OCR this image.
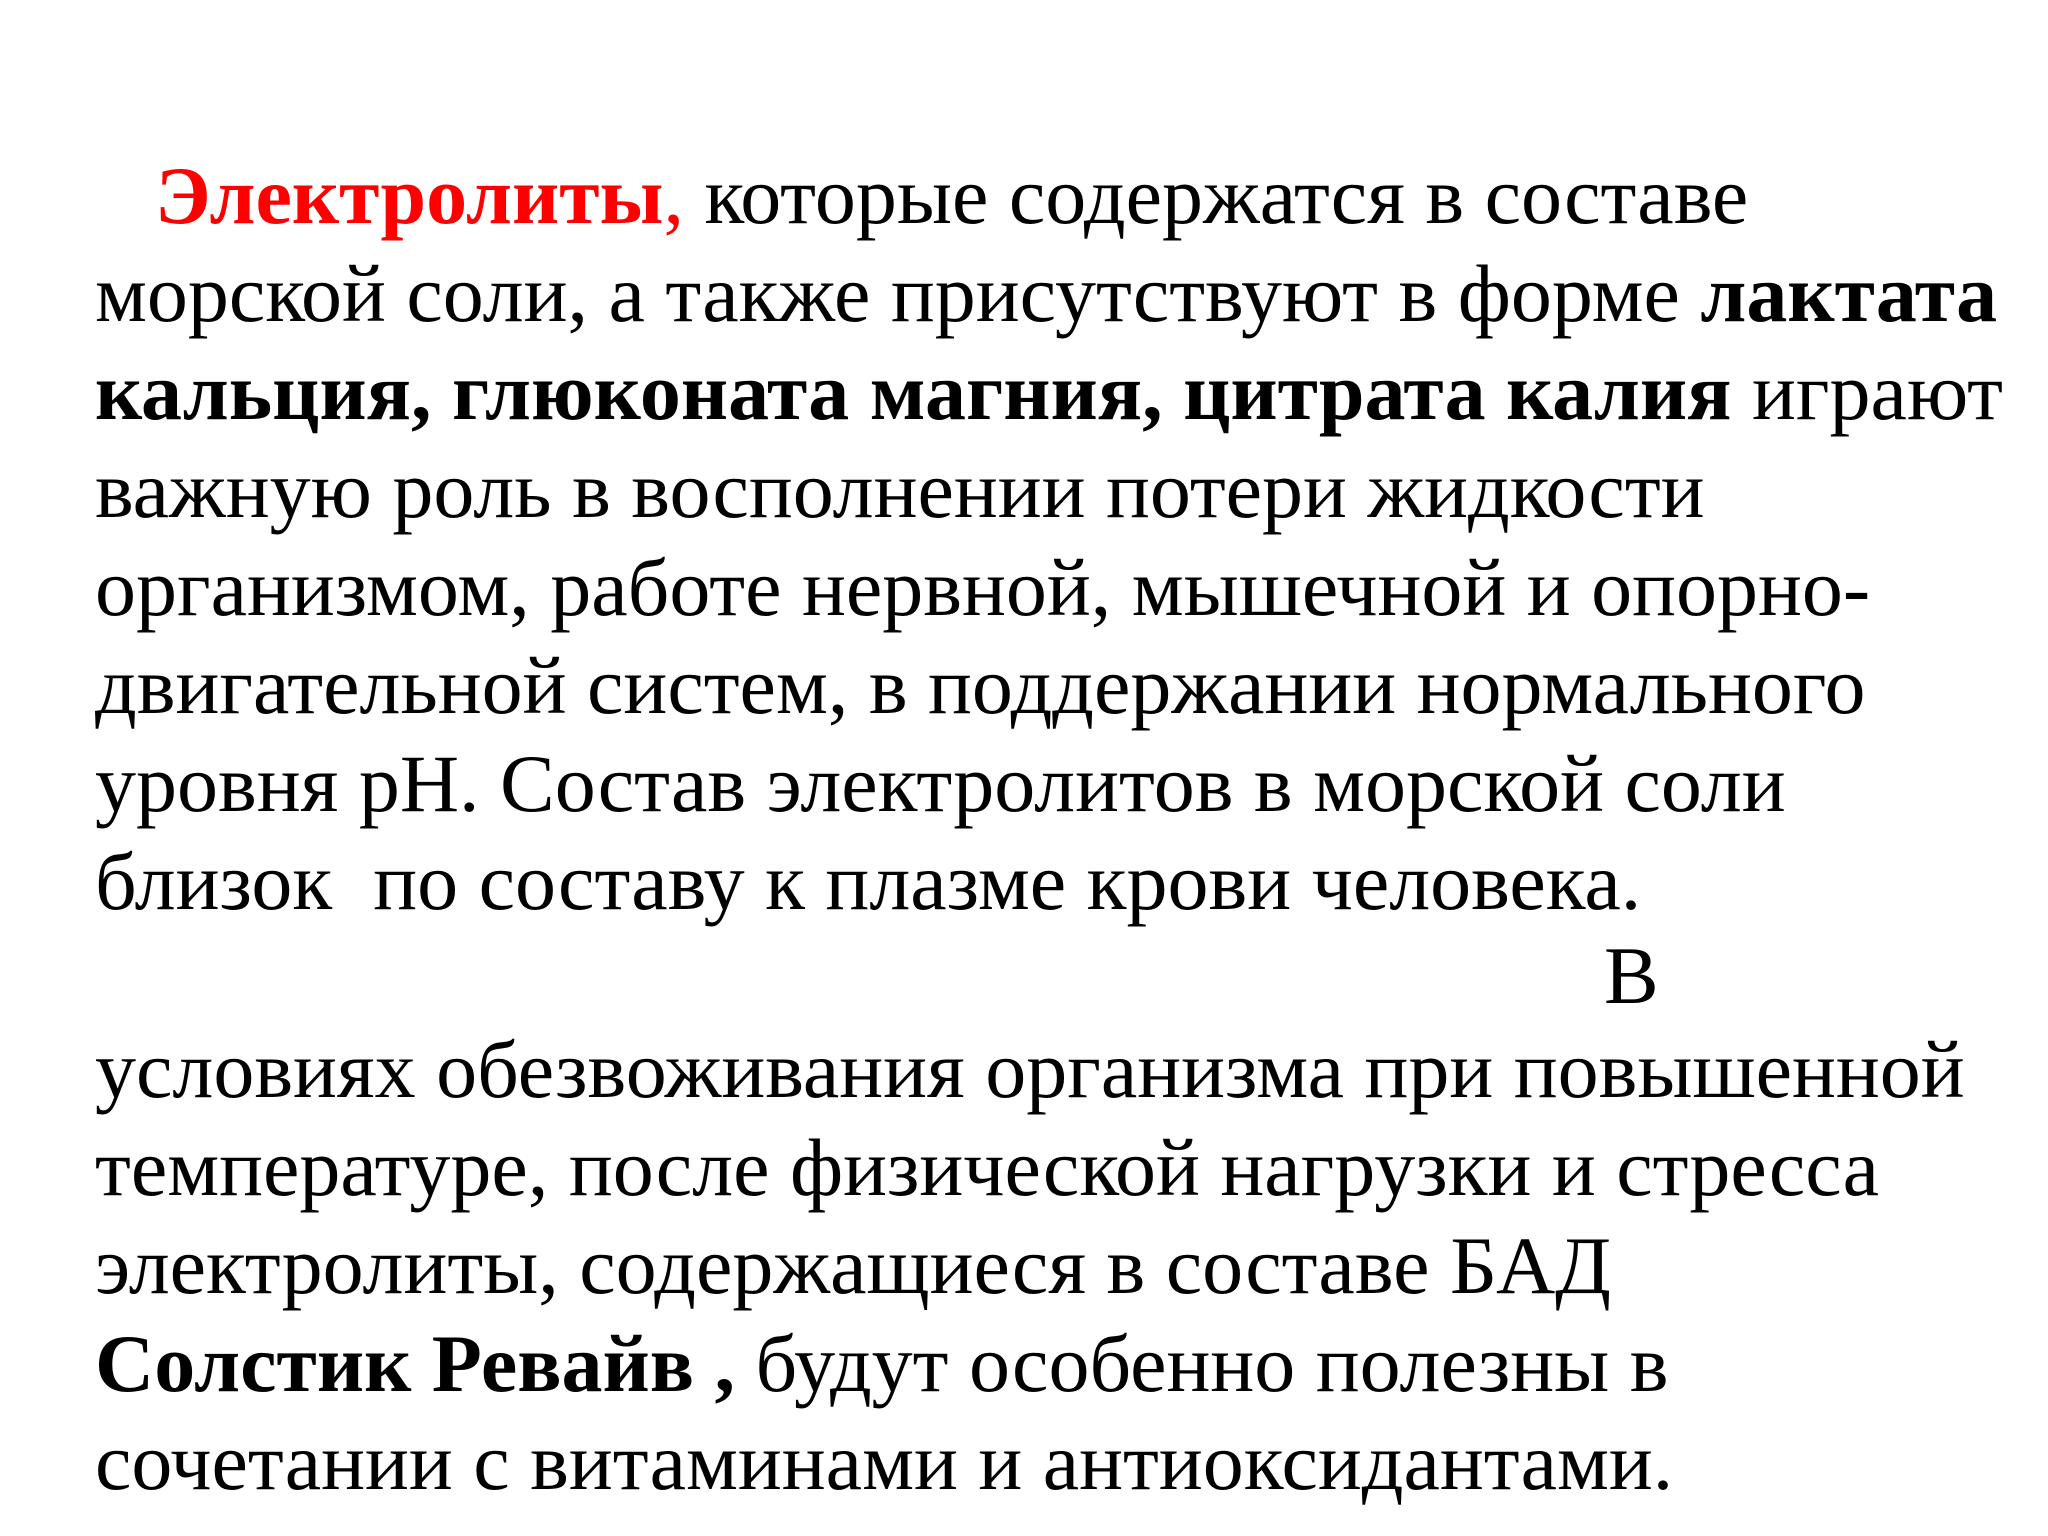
Электролиты, которые содержатся в составе
морской соли, а также присутствуют в форме лактата
кальция, глюконата магния, цитрата калия играют
важную роль в восполнении потери жидкости
организмом, работе нервной, мышечной и опорно-
двигательной систем, в поддержании нормального
уровня pH. Состав электролитов в морской соли
близок  по составу к плазме крови человека.
В
условиях обезвоживания организма при повышенной
температуре, после физической нагрузки и стресса
электролиты, содержащиеся в составе БАД
Солстик Ревайв , будут особенно полезны в
сочетании с витаминами и антиоксидантами.
